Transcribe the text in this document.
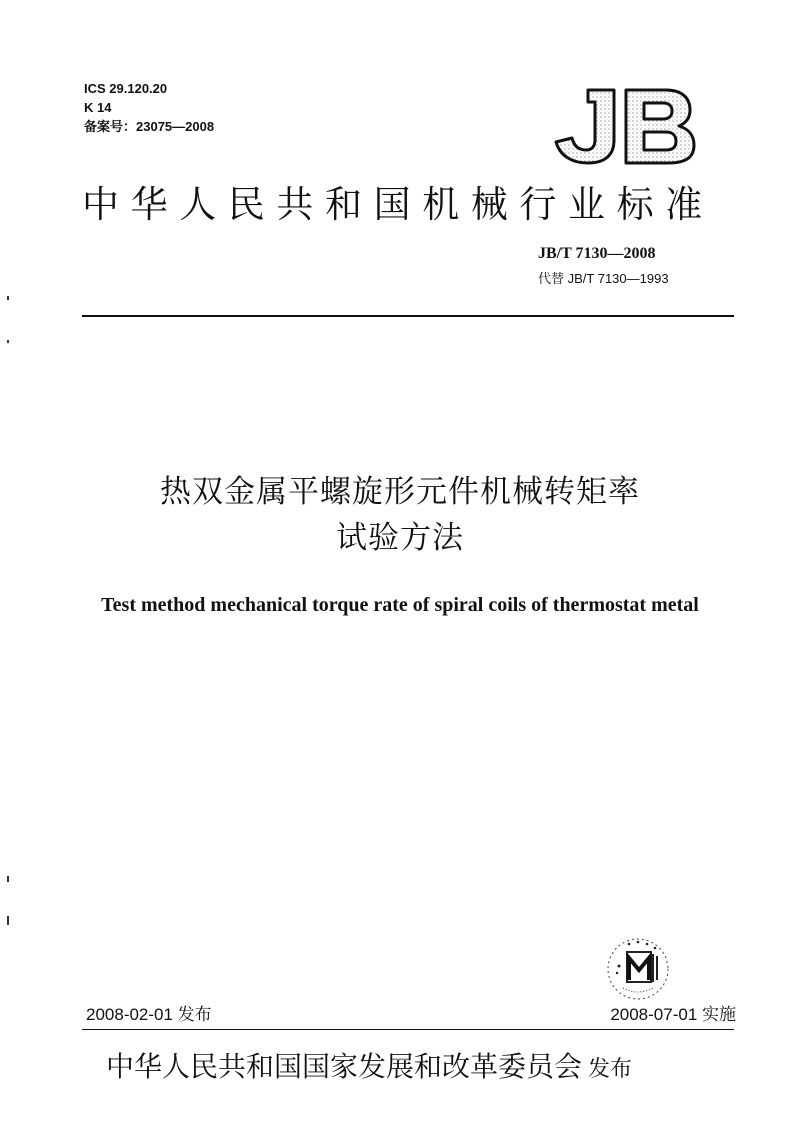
ICS 29.120.20
K 14
备案号：23075—2008
中华人民共和国机械行业标准
JB/T 7130—2008
代替 JB/T 7130—1993
热双金属平螺旋形元件机械转矩率
试验方法
Test method mechanical torque rate of spiral coils of thermostat metal
2008-02-01 发布	2008-07-01 实施
中华人民共和国国家发展和改革委员会 发布
